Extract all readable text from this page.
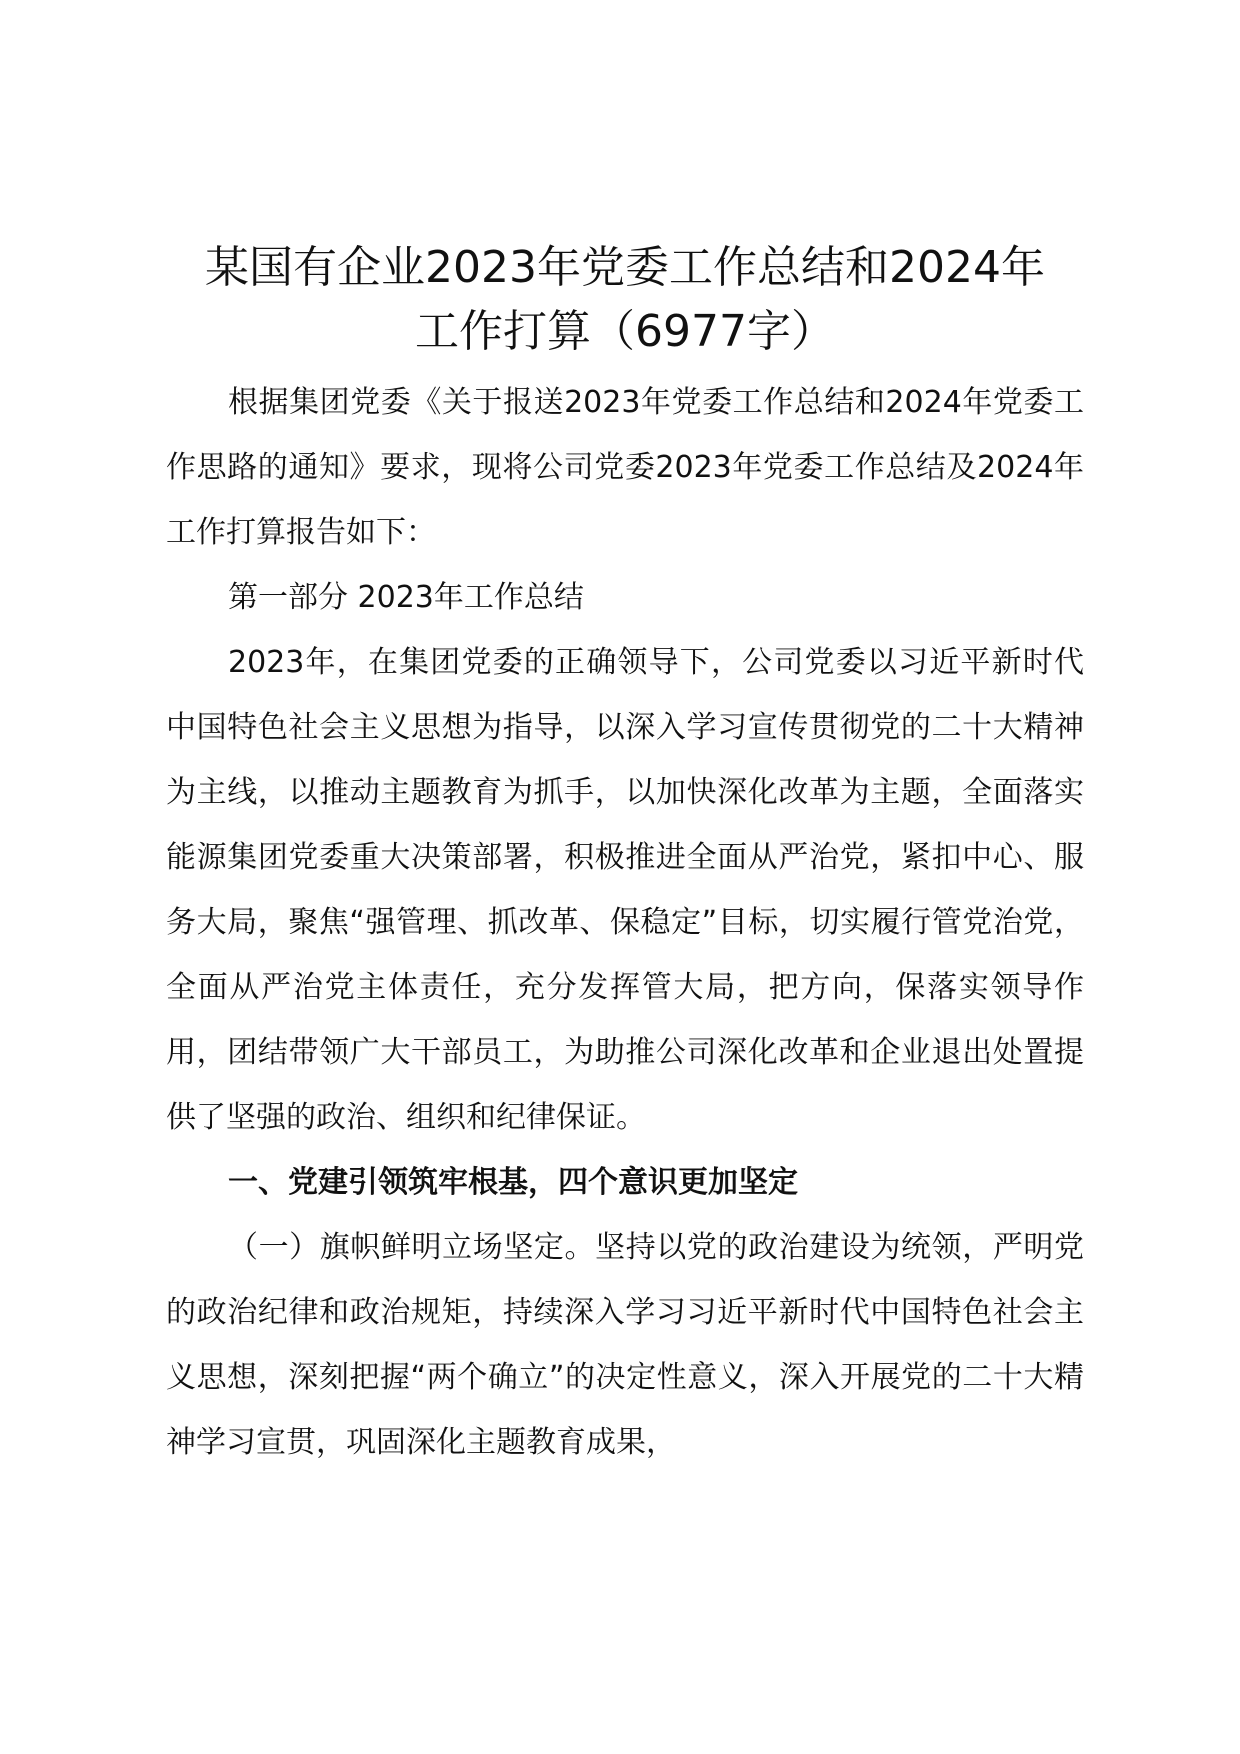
某国有企业2023年党委工作总结和2024年
工作打算（6977字）

根据集团党委《关于报送2023年党委工作总结和2024年党委工作思路的通知》要求，现将公司党委2023年党委工作总结及2024年工作打算报告如下：

第一部分 2023年工作总结

2023年，在集团党委的正确领导下，公司党委以习近平新时代中国特色社会主义思想为指导，以深入学习宣传贯彻党的二十大精神为主线，以推动主题教育为抓手，以加快深化改革为主题，全面落实能源集团党委重大决策部署，积极推进全面从严治党，紧扣中心、服务大局，聚焦“强管理、抓改革、保稳定”目标，切实履行管党治党，全面从严治党主体责任，充分发挥管大局，把方向，保落实领导作用，团结带领广大干部员工，为助推公司深化改革和企业退出处置提供了坚强的政治、组织和纪律保证。

一、党建引领筑牢根基，四个意识更加坚定

（一）旗帜鲜明立场坚定。坚持以党的政治建设为统领，严明党的政治纪律和政治规矩，持续深入学习习近平新时代中国特色社会主义思想，深刻把握“两个确立”的决定性意义，深入开展党的二十大精神学习宣贯，巩固深化主题教育成果，
